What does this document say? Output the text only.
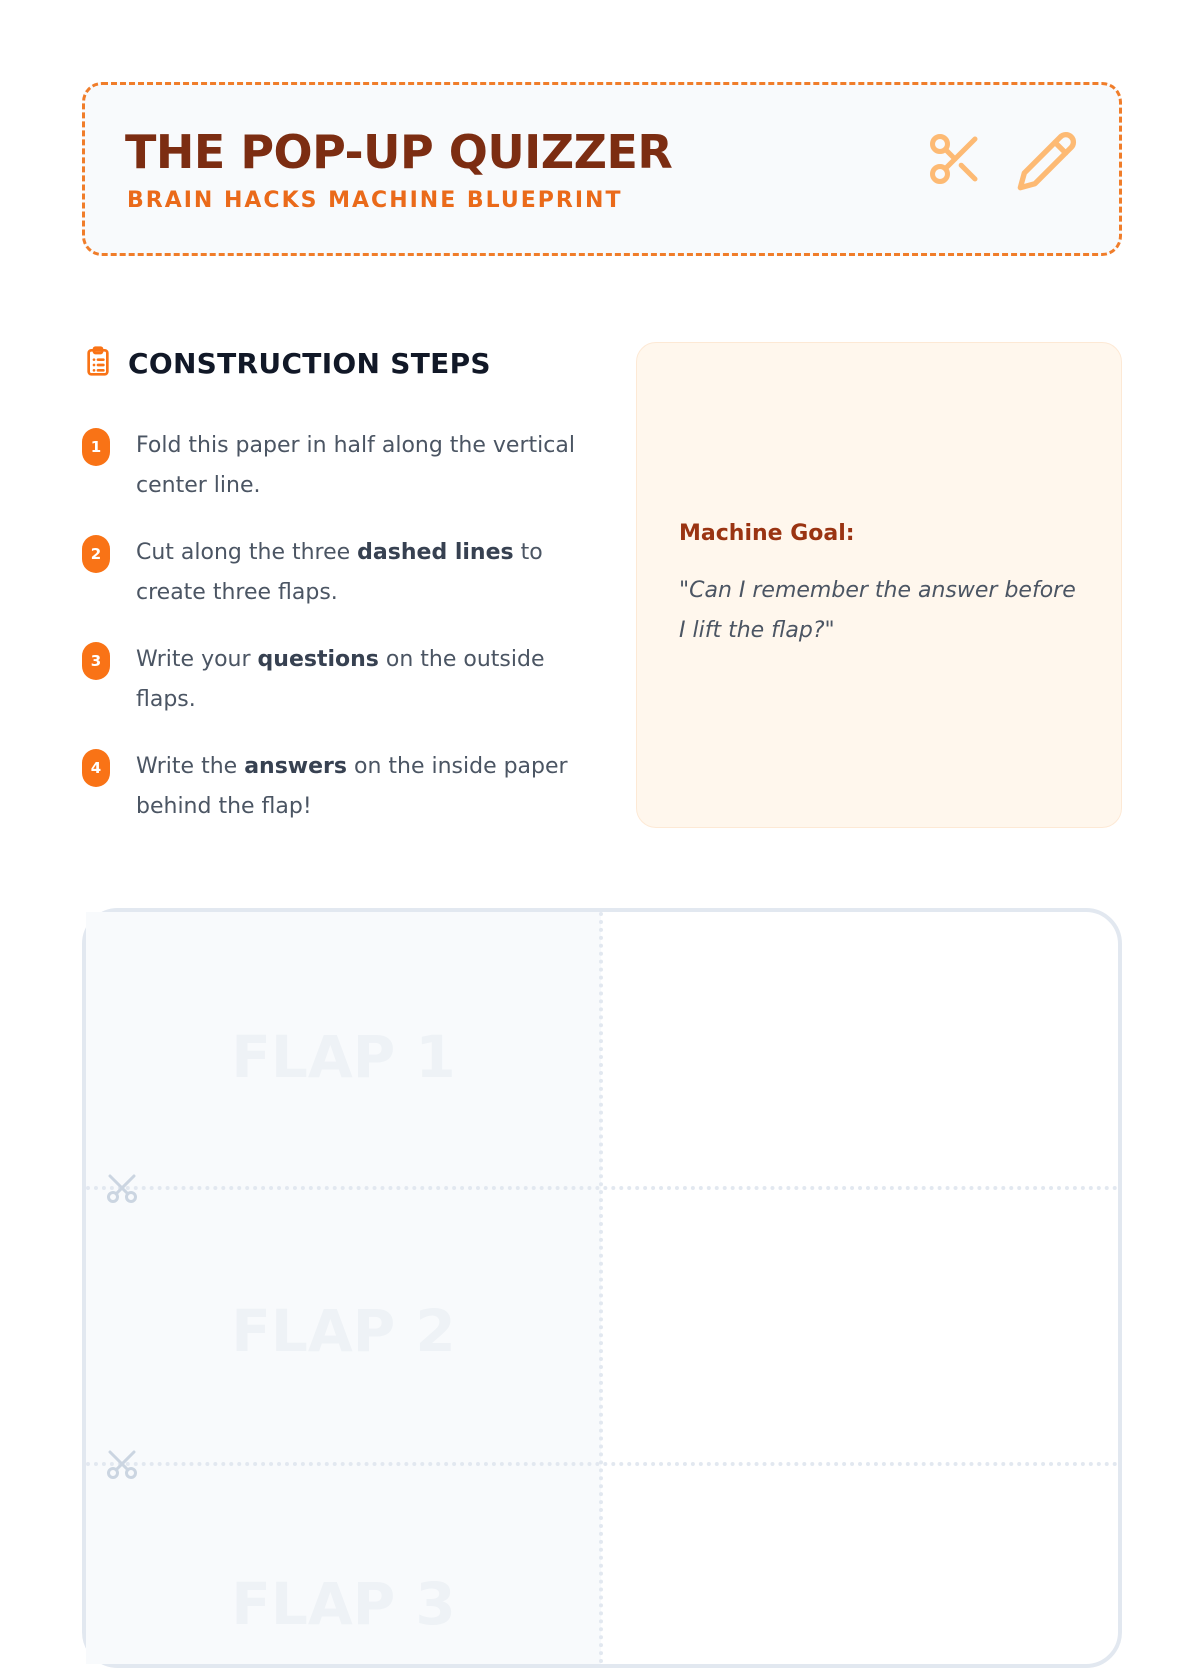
THE POP-UP QUIZZER
BRAIN HACKS MACHINE BLUEPRINT
CONSTRUCTION STEPS
1	Fold this paper in half along the vertical center line.
2	Cut along the three dashed lines to create three flaps.
3	Write your questions on the outside flaps.
4	Write the answers on the inside paper behind the flap!
Machine Goal:
"Can I remember the answer before I lift the flap?"
FLAP 1
FLAP 2
FLAP 3
